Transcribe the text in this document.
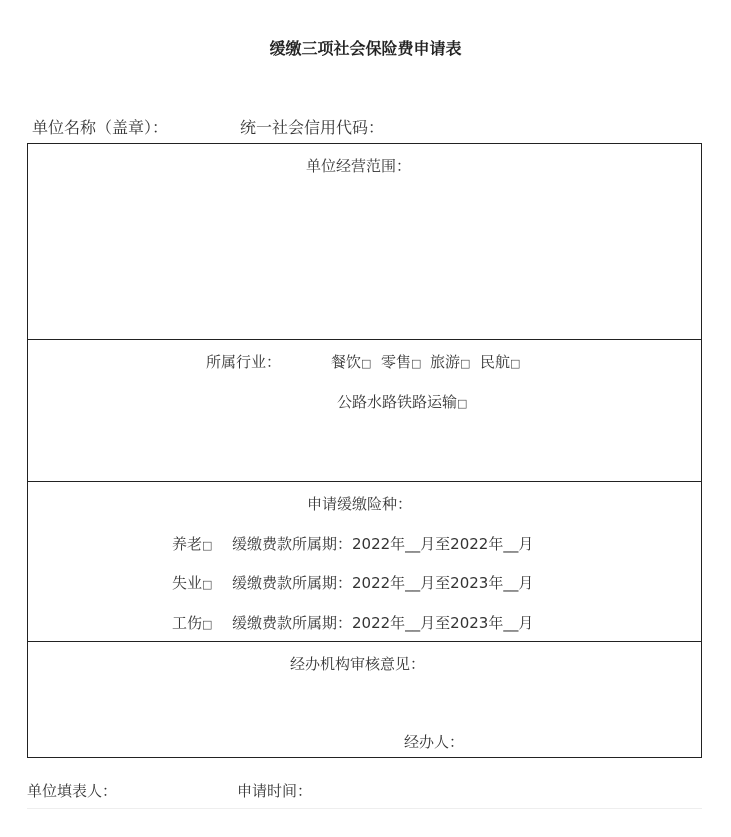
缓缴三项社会保险费申请表
单位名称（盖章）：	统一社会信用代码：
单位经营范围：
所属行业：	餐饮□ 零售□ 旅游□ 民航□
公路水路铁路运输□
申请缓缴险种：
养老□ 缓缴费款所属期：2022年__月至2022年__月
失业□ 缓缴费款所属期：2022年__月至2023年__月
工伤□ 缓缴费款所属期：2022年__月至2023年__月
经办机构审核意见：
经办人：
单位填表人：	申请时间：
